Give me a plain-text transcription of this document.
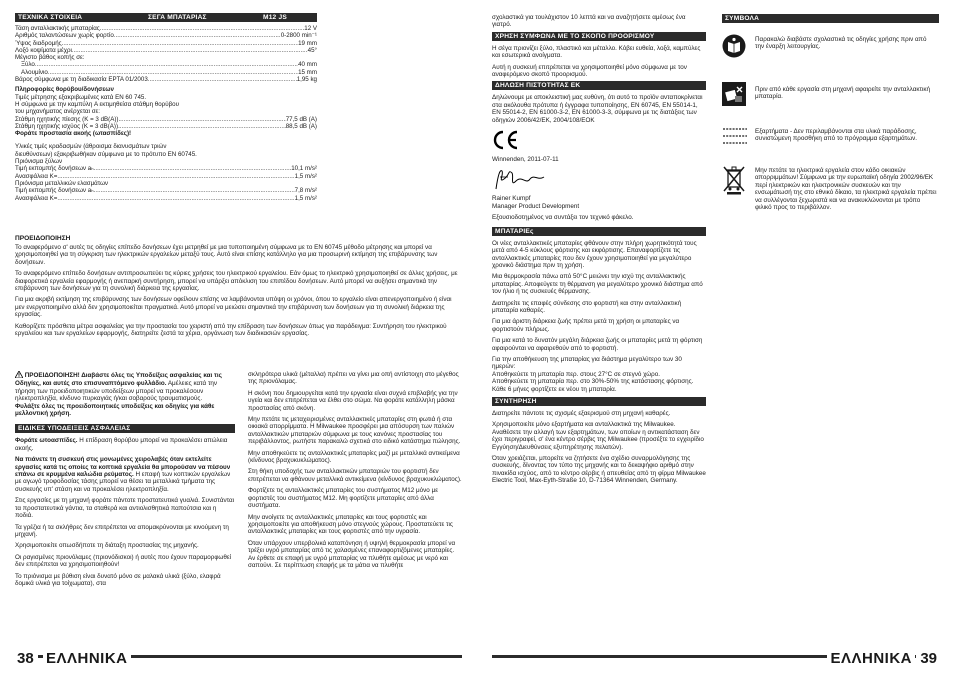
ΤΕΧΝΙΚΑ ΣΤΟΙΧΕΙΑ	ΣΕΓΑ ΜΠΑΤΑΡΙΑΣ	M12 JS
Τάση ανταλλακτικής μπαταρίας .....	12 V
Αριθμός ταλαντώσεων χωρίς φορτίο .....	0-2800 min⁻¹
Ύψος διαδρομής .....	19 mm
Λοξό κοψίματα μέχρι .....	45°
Μέγιστο βάθος κοπής σε:
Ξύλο .....	40 mm
Αλουμίνιο .....	15 mm
Βάρος σύμφωνα με τη διαδικασία EPTA 01/2003 .....	1,95 kg
Πληροφορίες θορύβου/δονήσεων
Τιμές μέτρησης εξακριβωμένες κατά EN 60 745.
Η σύμφωνα με την καμπύλη A εκτιμηθείσα στάθμη θορύβου
του μηχανήματος ανέρχεται σε:
Στάθμη ηχητικής πίεσης (K = 3 dB(A)) .....	77,5 dB (A)
Στάθμη ηχητικής ισχύος (K = 3 dB(A)) .....	88,5 dB (A)
Φοράτε προστασία ακοής (ωτασπίδες)!
Υλικές τιμές κραδασμών (άθροισμα διανυσμάτων τριών
διευθύνσεων) εξακριβωθήκαν σύμφωνα με το πρότυπο EN 60745.
Πριόνισμα ξύλων
Τιμή εκπομπής δονήσεων aₕ .....	10,1 m/s²
Ανασφάλεια K= .....	1,5 m/s²
Πριόνισμα μεταλλικών ελασμάτων
Τιμή εκπομπής δονήσεων aₕ .....	7,8 m/s²
Ανασφάλεια K= .....	1,5 m/s²
ΠΡΟΕΙΔΟΠΟΙΗΣΗ

Το αναφερόμενο σ' αυτές τις οδηγίες επίπεδο δονήσεων έχει μετρηθεί με μια τυποποιημένη σύμφωνα με το EN 60745 μέθοδο μέτρησης και μπορεί να χρησιμοποιηθεί για τη σύγκριση των ηλεκτρικών εργαλείων μεταξύ τους. Αυτό είναι επίσης κατάλληλο για μια προσωρινή εκτίμηση της επιβάρυνσης των δονήσεων.

Το αναφερόμενο επίπεδο δονήσεων αντιπροσωπεύει τις κύριες χρήσεις του ηλεκτρικού εργαλείου. Εάν όμως το ηλεκτρικό χρησιμοποιηθεί σε άλλες χρήσεις, με διαφορετικά εργαλεία εφαρμογής ή ανεπαρκή συντήρηση, μπορεί να υπάρξει απόκλιση του επιπέδου δονήσεων. Αυτό μπορεί να αυξήσει σημαντικά την επιβάρυνση των δονήσεων για τη συνολική διάρκεια της εργασίας.

Για μια ακριβή εκτίμηση της επιβάρυνσης των δονήσεων οφείλουν επίσης να λαμβάνονται υπόψη οι χρόνοι, όπου το εργαλείο είναι απενεργοποιημένο ή είναι μεν ενεργοποιημένο αλλά δεν χρησιμοποιείται πραγματικά. Αυτό μπορεί να μειώσει σημαντικά την επιβάρυνση των δονήσεων για τη συνολική διάρκεια της εργασίας.

Καθορίζετε πρόσθετα μέτρα ασφαλείας για την προστασία του χειριστή από την επίδραση των δονήσεων όπως για παράδειγμα: Συντήρηση του ηλεκτρικού εργαλείου και των εργαλείων εφαρμογής, διατηρείτε ζεστά τα χέρια, οργάνωση των διαδικασιών εργασίας.

ΠΡΟΕΙΔΟΠΟΙΗΣΗ! Διαβάστε όλες τις Υποδείξεις ασφαλείας και τις Οδηγίες, και αυτές στο επισυναπτόμενο φυλλάδιο. Αμέλειες κατά την τήρηση των προειδοποιητικών υποδείξεων μπορεί να προκαλέσουν ηλεκτροπληξία, κίνδυνο πυρκαγιάς ή/και σοβαρούς τραυματισμούς.
Φυλάξτε όλες τις προειδοποιητικές υποδείξεις και οδηγίες για κάθε μελλοντική χρήση.

ΕΙΔΙΚΕΣ ΥΠΟΔΕΙΞΕΙΣ ΑΣΦΑΛΕΙΑΣ

Φοράτε ωτοασπίδες. Η επίδραση θορύβου μπορεί να προκαλέσει απώλεια ακοής.

Να πιάνετε τη συσκευή στις μονωμένες χειρολαβές όταν εκτελείτε εργασίες κατά τις οποίες τα κοπτικά εργαλεία θα μπορούσαν να πέσουν επάνω σε κρυμμένα καλώδια ρεύματος. Η επαφή των κοπτικών εργαλείων με αγωγό τροφοδοσίας τάσης μπορεί να θέσει τα μεταλλικά τμήματα της συσκευής υπ' στάση και να προκαλέσει ηλεκτροπληξία.

Στις εργασίες με τη μηχανή φοράτε πάντοτε προστατευτικά γυαλιά. Συνιστάνται τα προστατευτικά γάντια, τα σταθερά και αντιολισθητικά παπούτσια και η ποδιά.

Τα γρέζια ή τα σκλήθρες δεν επιτρέπεται να απομακρύνονται με κινούμενη τη μηχανή.

Χρησιμοποιείτε οπωσδήποτε τη διάταξη προστασίας της μηχανής.

Οι ραγισμένες πριονόλαμες (πριονόδισκοι) ή αυτές που έχουν παραμορφωθεί δεν επιτρέπεται να χρησιμοποιηθούν!

Το πριόνισμα με βύθιση είναι δυνατό μόνο σε μαλακά υλικά (ξύλο, ελαφρά δομικά υλικά για τοίχωματα), στα

σκληρότερα υλικά (μέταλλα) πρέπει να γίνει μια οπή αντίστοιχη στο μέγεθος της πριονόλαμας.

Η σκόνη που δημιουργείται κατά την εργασία είναι συχνά επιβλαβής για την υγεία και δεν επιτρέπεται να έλθει στο σώμα. Να φοράτε κατάλληλη μάσκα προστασίας από σκόνη.

Μην πετάτε τις μεταχειρισμένες ανταλλακτικές μπαταρίες στη φωτιά ή στα οικιακά απορρίμματα. Η Milwaukee προσφέρει μια απόσυρση των παλιών ανταλλακτικών μπαταριών σύμφωνα με τους κανόνες προστασίας του περιβάλλοντος, ρωτήστε παρακαλώ σχετικά στο ειδικό κατάστημα πώλησης.

Μην αποθηκεύετε τις ανταλλακτικές μπαταρίες μαζί με μεταλλικά αντικείμενα (κίνδυνος βραχυκυκλώματος).

Στη θήκη υποδοχής των ανταλλακτικών μπαταριών του φορτιστή δεν επιτρέπεται να φθάνουν μεταλλικά αντικείμενα (κίνδυνος βραχυκυκλώματος).

Φορτίζετε τις ανταλλακτικές μπαταρίες του συστήματος M12 μόνο με φορτιστές του συστήματος M12. Μη φορτίζετε μπαταρίες από άλλα συστήματα.

Μην ανοίγετε τις ανταλλακτικές μπαταρίες και τους φορτιστές και χρησιμοποιείτε για αποθήκευση μόνο στεγνούς χώρους. Προστατεύετε τις ανταλλακτικές μπαταρίες και τους φορτιστές από την υγρασία.

Όταν υπάρχουν υπερβολικά καταπόνηση ή υψηλή θερμοκρασία μπορεί να τρέξει υγρό μπαταρίας από τις χαλασμένες επαναφορτιζόμενες μπαταρίες. Αν έρθετε σε επαφή με υγρό μπαταρίας να πλυθήτε αμέσως με νερό και σαπούνι. Σε περίπτωση επαφής με τα μάτια να πλυθήτε

38 ΕΛΛΗΝΙΚΑ

σχολαστικά για τουλάχιστον 10 λεπτά και να αναζητήσετε αμέσως ένα γιατρό.

ΧΡΗΣΗ ΣΥΜΦΩΝΑ ΜΕ ΤΟ ΣΚΟΠΟ ΠΡΟΟΡΙΣΜΟΥ

Η σέγα πριονίζει ξύλο, πλαστικό και μέταλλο. Κόβει ευθεία, λοξά, καμπύλες και εσωτερικά ανοίγματα.

Αυτή η συσκευή επιτρέπεται να χρησιμοποιηθεί μόνο σύμφωνα με τον αναφερόμενο σκοπό προορισμού.

ΔΗΛΩΣΗ ΠΙΣΤΟΤΗΤΑΣ ΕΚ

Δηλώνουμε με αποκλειστική μας ευθύνη, ότι αυτό το προϊόν ανταποκρίνεται στα ακόλουθα πρότυπα ή έγγραφα τυποποίησης, EN 60745, EN 55014-1, EN 55014-2, EN 61000-3-2, EN 61000-3-3, σύμφωνα με τις διατάξεις των οδηγιών 2006/42/EK, 2004/108/EOK

Winnenden, 2011-07-11

Rainer Kumpf
Manager Product Development

Εξουσιοδοτημένος να συντάξει τον τεχνικό φάκελο.

ΜΠΑΤΑΡΙΕς

Οι νέες ανταλλακτικές μπαταρίες φθάνουν στην πλήρη χωρητικότητά τους μετά από 4-5 κύκλους φόρτισης και εκφόρτισης. Επαναφορτίζετε τις ανταλλακτικές μπαταρίες που δεν έχουν χρησιμοποιηθεί για μεγαλύτερο χρονικό διάστημα πριν τη χρήση.

Μια θερμοκρασία πάνω από 50°C μειώνει την ισχύ της ανταλλακτικής μπαταρίας. Αποφεύγετε τη θέρμανση για μεγαλύτερο χρονικό διάστημα από τον ήλιο ή τις συσκευές θέρμανσης.

Διατηρείτε τις επαφές σύνδεσης στο φορτιστή και στην ανταλλακτική μπαταρία καθαρές.

Για μια άριστη διάρκεια ζωής πρέπει μετά τη χρήση οι μπαταρίες να φορτιστούν πλήρως.

Για μια κατά το δυνατόν μεγάλη διάρκεια ζωής οι μπαταρίες μετά τη φόρτιση αφαιρούνται να αφαιρεθούν από το φορτιστή.

Για την αποθήκευση της μπαταρίας για διάστημα μεγαλύτερο των 30 ημερών:
Αποθηκεύετε τη μπαταρία περ. στους 27°C σε στεγνό χώρο.
Αποθηκεύετε τη μπαταρία περ. στο 30%-50% της κατάστασης φόρτισης.
Κάθε 6 μήνες φορτίζετε εκ νέου τη μπαταρία.

ΣΥΝΤΗΡΗΣΗ

Διατηρείτε πάντοτε τις σχισμές εξαερισμού στη μηχανή καθαρές.

Χρησιμοποιείτε μόνο εξαρτήματα και ανταλλακτικά της Milwaukee. Αναθέσετε την αλλαγή των εξαρτημάτων, των οποίων η αντικατάσταση δεν έχει περιγραφεί, σ' ένα κέντρο σέρβις της Milwaukee (προσέξτε το εγχειρίδιο Εγγύηση/Διευθύνσεις εξυπηρέτησης πελατών).

Όταν χρειάζεται, μπορείτε να ζητήσετε ένα σχέδιο συναρμολόγησης της συσκευής, δίνοντας τον τύπο της μηχανής και το δεκαψήφιο αριθμό στην πινακίδα ισχύος, από το κέντρο σέρβις ή απευθείας από τη φίρμα Milwaukee Electric Tool, Max-Eyth-Straße 10, D-71364 Winnenden, Germany.

ΣΥΜΒΟΛΑ
Παρακαλώ διαβάστε σχολαστικά τις οδηγίες χρήσης πριν από την έναρξη λειτουργίας.
Πριν από κάθε εργασία στη μηχανή αφαιρείτε την ανταλλακτική μπαταρία.
Εξαρτήματα - Δεν περιλαμβάνονται στα υλικά παράδοσης, συνιστώμενη προσθήκη από το πρόγραμμα εξαρτημάτων.
Μην πετάτε τα ηλεκτρικά εργαλεία στον κάδο οικιακών απορριμμάτων! Σύμφωνα με την ευρωπαϊκή οδηγία 2002/96/ΕΚ περί ηλεκτρικών και ηλεκτρονικών συσκευών και την ενσωμάτωσή της στο εθνικό δίκαιο, τα ηλεκτρικά εργαλεία πρέπει να συλλέγονται ξεχωριστά και να ανακυκλώνονται με τρόπο φιλικό προς το περιβάλλον.
ΕΛΛΗΝΙΚΑ 39
